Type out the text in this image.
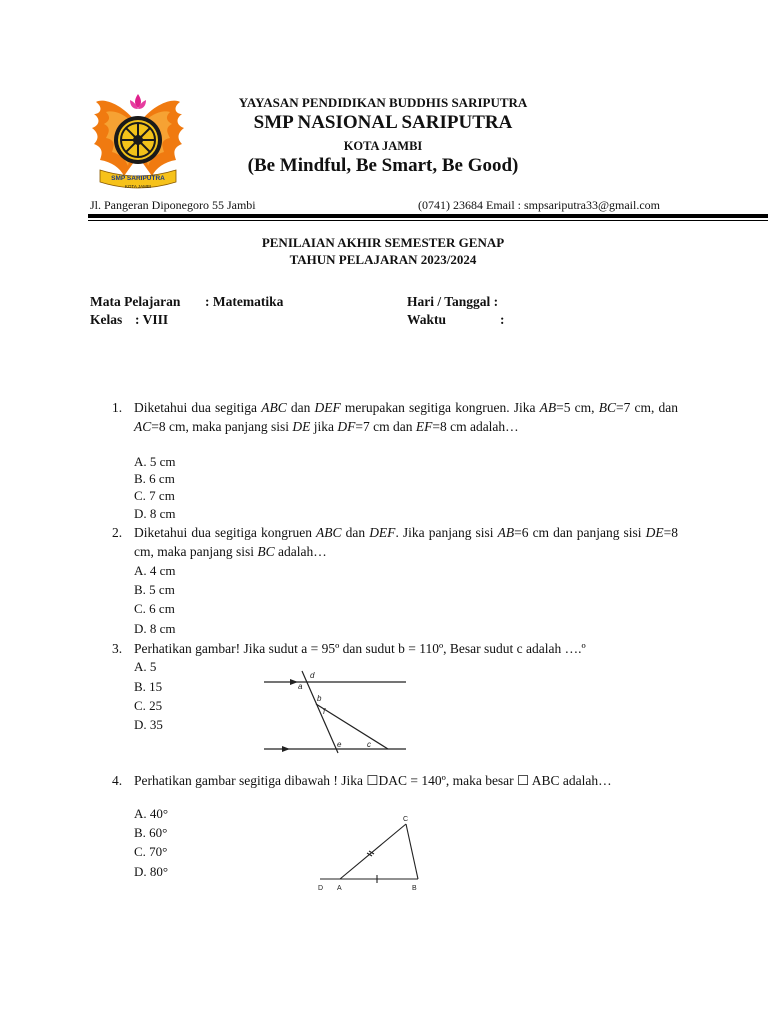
SMP SARIPUTRA
KOTA JAMBI
YAYASAN PENDIDIKAN BUDDHIS SARIPUTRA
SMP NASIONAL SARIPUTRA
KOTA JAMBI
(Be Mindful, Be Smart, Be Good)
Jl. Pangeran Diponegoro 55 Jambi	(0741) 23684 Email : smpsariputra33@gmail.com
PENILAIAN AKHIR SEMESTER GENAP
TAHUN PELAJARAN 2023/2024
Mata Pelajaran : Matematika	Hari / Tanggal :
Kelas : VIII	Waktu	:
1. Diketahui dua segitiga ABC dan DEF merupakan segitiga kongruen. Jika AB=5 cm, BC=7 cm, dan AC=8 cm, maka panjang sisi DE jika DF=7 cm dan EF=8 cm adalah…
A. 5 cm
B. 6 cm
C. 7 cm
D. 8 cm
2. Diketahui dua segitiga kongruen ABC dan DEF. Jika panjang sisi AB=6 cm dan panjang sisi DE=8 cm, maka panjang sisi BC adalah…
A. 4 cm
B. 5 cm
C. 6 cm
D. 8 cm
3. Perhatikan gambar! Jika sudut a = 95º dan sudut b = 110º, Besar sudut c adalah ….º
A. 5
B. 15
C. 25
D. 35
d
a
b
f
e	c
4. Perhatikan gambar segitiga dibawah ! Jika ☐DAC = 140º, maka besar ☐ ABC adalah…
A. 40°
B. 60°
C. 70°
D. 80°
C
D A	B
